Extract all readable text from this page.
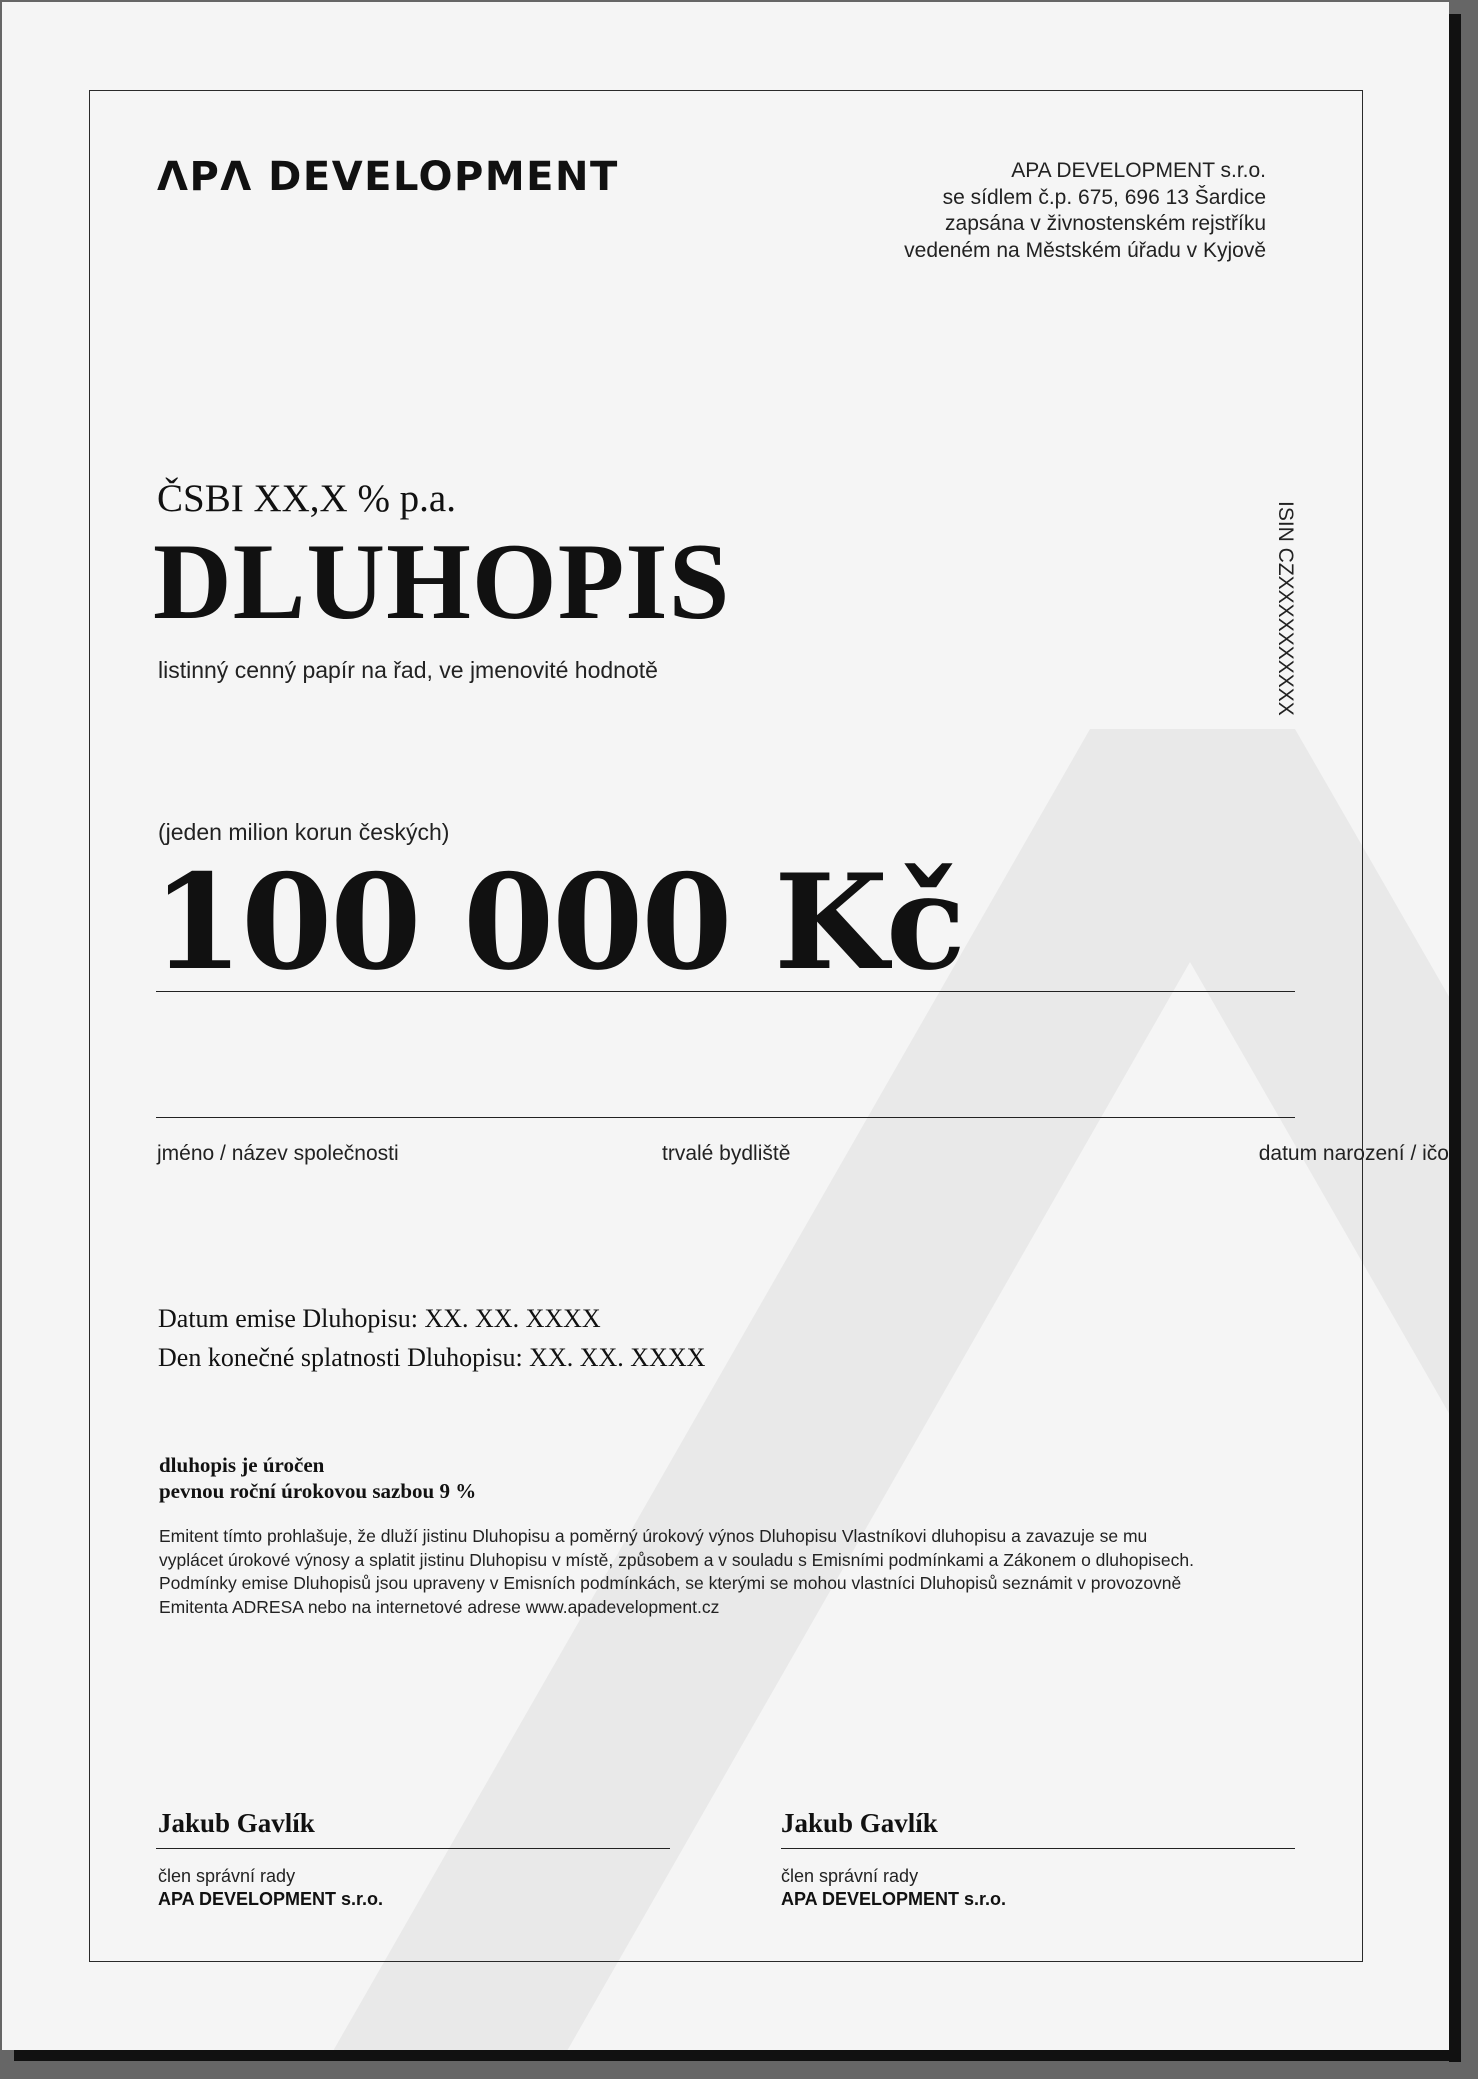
ΛPΛ DEVELOPMENT	APA DEVELOPMENT s.r.o.
se sídlem č.p. 675, 696 13 Šardice
zapsána v živnostenském rejstříku
vedeném na Městském úřadu v Kyjově
ČSBI XX,X % p.a.
DLUHOPIS
listinný cenný papír na řad, ve jmenovité hodnotě	ISIN CZXXXXXXXXXX
(jeden milion korun českých)
100 000 Kč
jméno / název společnosti	trvalé bydliště	datum narození / ičo
Datum emise Dluhopisu: XX. XX. XXXX
Den konečné splatnosti Dluhopisu: XX. XX. XXXX
dluhopis je úročen
pevnou roční úrokovou sazbou 9 %
Emitent tímto prohlašuje, že dluží jistinu Dluhopisu a poměrný úrokový výnos Dluhopisu Vlastníkovi dluhopisu a zavazuje se mu
vyplácet úrokové výnosy a splatit jistinu Dluhopisu v místě, způsobem a v souladu s Emisními podmínkami a Zákonem o dluhopisech.
Podmínky emise Dluhopisů jsou upraveny v Emisních podmínkách, se kterými se mohou vlastníci Dluhopisů seznámit v provozovně
Emitenta ADRESA nebo na internetové adrese www.apadevelopment.cz
Jakub Gavlík
člen správní rady
APA DEVELOPMENT s.r.o.
Jakub Gavlík
člen správní rady
APA DEVELOPMENT s.r.o.
